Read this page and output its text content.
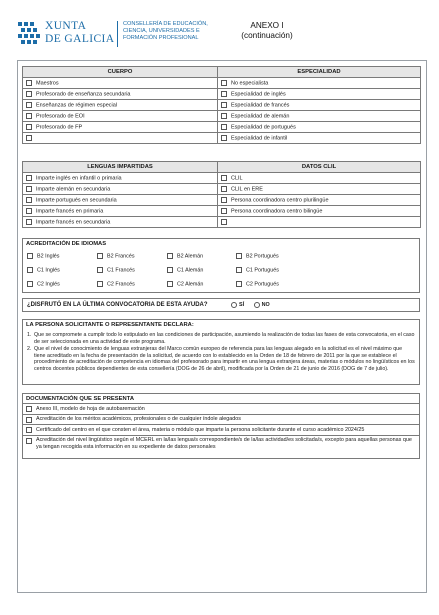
XUNTA
DE GALICIA
CONSELLERÍA DE EDUCACIÓN,
CIENCIA, UNIVERSIDADES E
FORMACIÓN PROFESIONAL
ANEXO I
(continuación)
CUERPO	ESPECIALIDAD
Maestros	No especialista
Profesorado de enseñanza secundaria	Especialidad de inglés
Enseñanzas de régimen especial	Especialidad de francés
Profesorado de EOI	Especialidad de alemán
Profesorado de FP	Especialidad de portugués
	Especialidad de infantil
LENGUAS IMPARTIDAS	DATOS CLIL
Imparte inglés en infantil o primaria	CLIL
Imparte alemán en secundaria	CLIL en ERE
Imparte portugués en secundaria	Persona coordinadora centro plurilingüe
Imparte francés en primaria	Persona coordinadora centro bilingüe
Imparte francés en secundaria	
ACREDITACIÓN DE IDIOMAS
B2 Inglés	B2 Francés	B2 Alemán	B2 Portugués
C1 Inglés	C1 Francés	C1 Alemán	C1 Portugués
C2 Inglés	C2 Francés	C2 Alemán	C2 Portugués
¿DISFRUTÓ EN LA ÚLTIMA CONVOCATORIA DE ESTA AYUDA?	SÍ	NO
LA PERSONA SOLICITANTE O REPRESENTANTE DECLARA:
1. Que se compromete a cumplir todo lo estipulado en las condiciones de participación, asumiendo la realización de todas las fases de esta convocatoria, en el caso de ser seleccionada en una actividad de este programa.
2. Que el nivel de conocimiento de lenguas extranjeras del Marco común europeo de referencia para las lenguas alegado en la solicitud es el nivel máximo que tiene acreditado en la fecha de presentación de la solicitud, de acuerdo con lo establecido en la Orden de 18 de febrero de 2011 por la que se establece el procedimiento de acreditación de competencia en idiomas del profesorado para impartir en una lengua extranjera áreas, materias o módulos no lingüísticos en los centros docentes públicos dependientes de esta consellería (DOG de 26 de abril), modificada por la Orden de 21 de junio de 2016 (DOG de 7 de julio).
DOCUMENTACIÓN QUE SE PRESENTA
Anexo III, modelo de hoja de autobaremación
Acreditación de los méritos académicos, profesionales o de cualquier índole alegados
Certificado del centro en el que consten el área, materia o módulo que imparte la persona solicitante durante el curso académico 2024/25
Acreditación del nivel lingüístico según el MCERL en la/las lengua/s correspondiente/s de la/las actividad/es solicitada/s, excepto para aquellas personas que ya tengan recogida esta información en su expediente de datos personales
